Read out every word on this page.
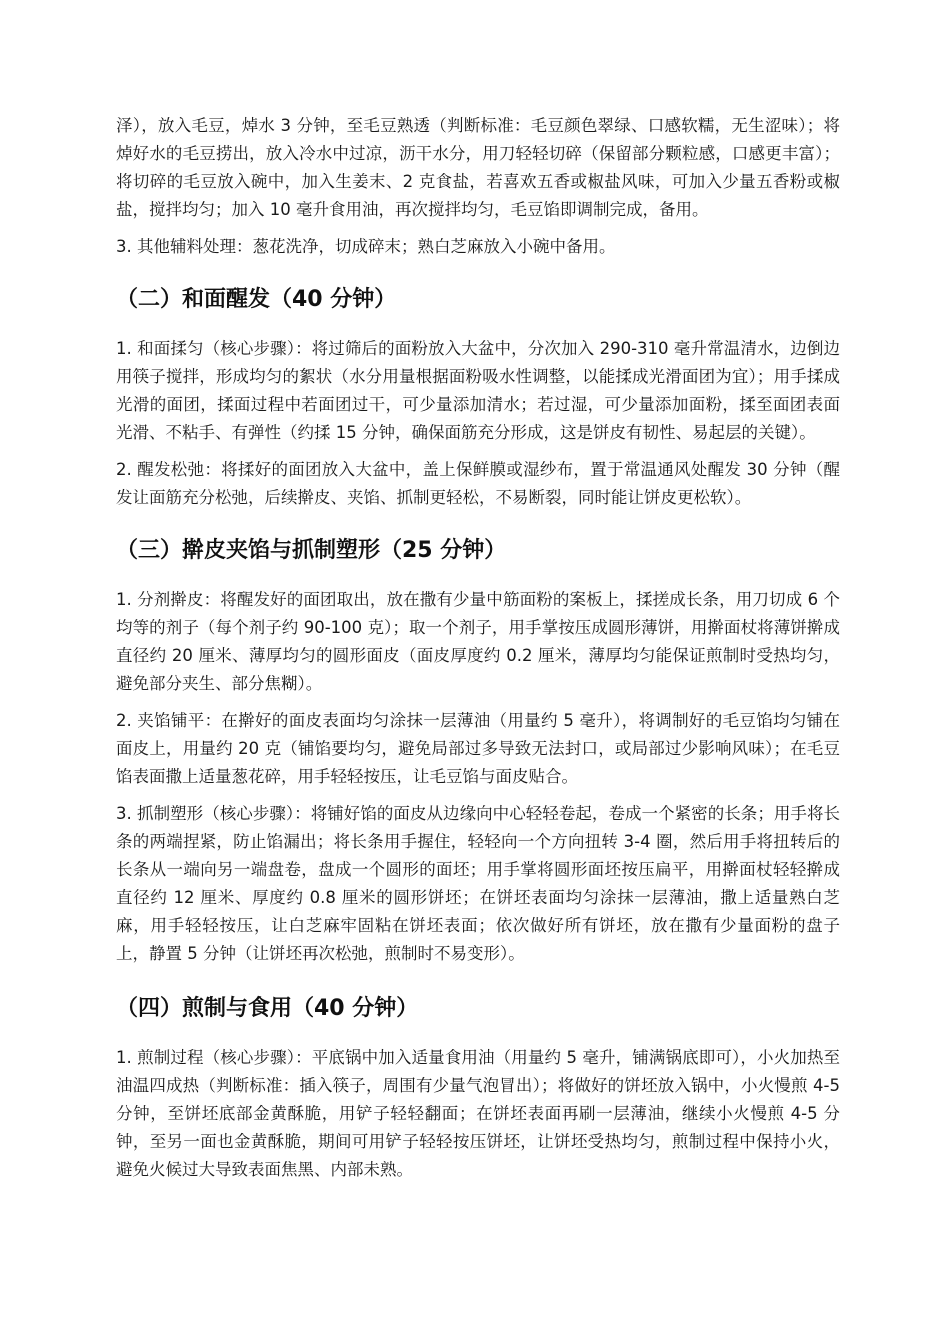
泽），放入毛豆，焯水 3 分钟，至毛豆熟透（判断标准：毛豆颜色翠绿、口感软糯，无生涩味）；将焯好水的毛豆捞出，放入冷水中过凉，沥干水分，用刀轻轻切碎（保留部分颗粒感，口感更丰富）；将切碎的毛豆放入碗中，加入生姜末、2 克食盐，若喜欢五香或椒盐风味，可加入少量五香粉或椒盐，搅拌均匀；加入 10 毫升食用油，再次搅拌均匀，毛豆馅即调制完成，备用。

3. 其他辅料处理：葱花洗净，切成碎末；熟白芝麻放入小碗中备用。

（二）和面醒发（40 分钟）

1. 和面揉匀（核心步骤）：将过筛后的面粉放入大盆中，分次加入 290-310 毫升常温清水，边倒边用筷子搅拌，形成均匀的絮状（水分用量根据面粉吸水性调整，以能揉成光滑面团为宜）；用手揉成光滑的面团，揉面过程中若面团过干，可少量添加清水；若过湿，可少量添加面粉，揉至面团表面光滑、不粘手、有弹性（约揉 15 分钟，确保面筋充分形成，这是饼皮有韧性、易起层的关键）。

2. 醒发松弛：将揉好的面团放入大盆中，盖上保鲜膜或湿纱布，置于常温通风处醒发 30 分钟（醒发让面筋充分松弛，后续擀皮、夹馅、抓制更轻松，不易断裂，同时能让饼皮更松软）。

（三）擀皮夹馅与抓制塑形（25 分钟）

1. 分剂擀皮：将醒发好的面团取出，放在撒有少量中筋面粉的案板上，揉搓成长条，用刀切成 6 个均等的剂子（每个剂子约 90-100 克）；取一个剂子，用手掌按压成圆形薄饼，用擀面杖将薄饼擀成直径约 20 厘米、薄厚均匀的圆形面皮（面皮厚度约 0.2 厘米，薄厚均匀能保证煎制时受热均匀，避免部分夹生、部分焦糊）。

2. 夹馅铺平：在擀好的面皮表面均匀涂抹一层薄油（用量约 5 毫升），将调制好的毛豆馅均匀铺在面皮上，用量约 20 克（铺馅要均匀，避免局部过多导致无法封口，或局部过少影响风味）；在毛豆馅表面撒上适量葱花碎，用手轻轻按压，让毛豆馅与面皮贴合。

3. 抓制塑形（核心步骤）：将铺好馅的面皮从边缘向中心轻轻卷起，卷成一个紧密的长条；用手将长条的两端捏紧，防止馅漏出；将长条用手握住，轻轻向一个方向扭转 3-4 圈，然后用手将扭转后的长条从一端向另一端盘卷，盘成一个圆形的面坯；用手掌将圆形面坯按压扁平，用擀面杖轻轻擀成直径约 12 厘米、厚度约 0.8 厘米的圆形饼坯；在饼坯表面均匀涂抹一层薄油，撒上适量熟白芝麻，用手轻轻按压，让白芝麻牢固粘在饼坯表面；依次做好所有饼坯，放在撒有少量面粉的盘子上，静置 5 分钟（让饼坯再次松弛，煎制时不易变形）。

（四）煎制与食用（40 分钟）

1. 煎制过程（核心步骤）：平底锅中加入适量食用油（用量约 5 毫升，铺满锅底即可），小火加热至油温四成热（判断标准：插入筷子，周围有少量气泡冒出）；将做好的饼坯放入锅中，小火慢煎 4-5 分钟，至饼坯底部金黄酥脆，用铲子轻轻翻面；在饼坯表面再刷一层薄油，继续小火慢煎 4-5 分钟，至另一面也金黄酥脆，期间可用铲子轻轻按压饼坯，让饼坯受热均匀，煎制过程中保持小火，避免火候过大导致表面焦黑、内部未熟。
